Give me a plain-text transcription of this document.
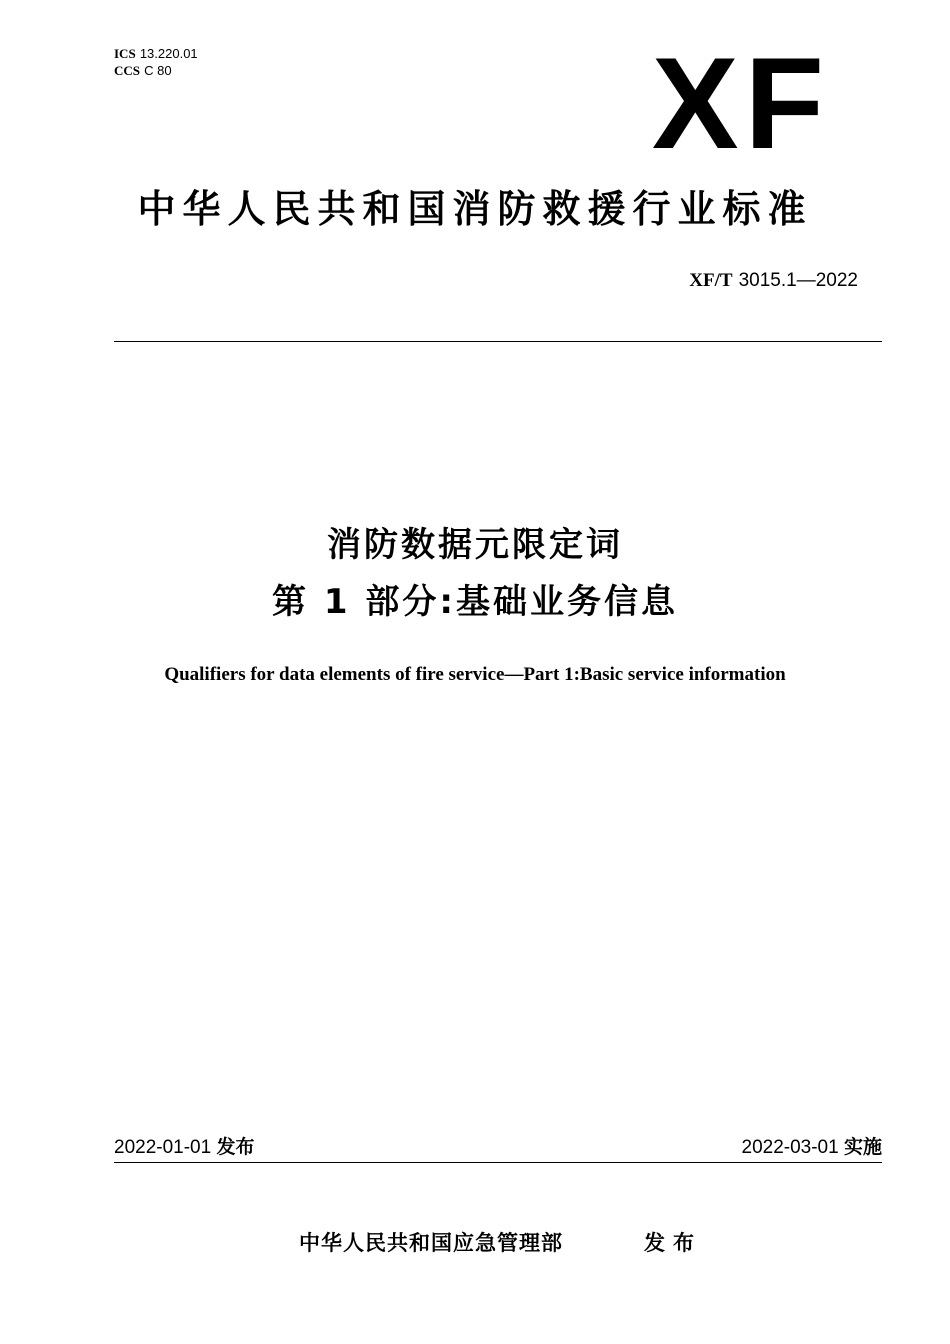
ICS 13.220.01
CCS C 80	XF
中华人民共和国消防救援行业标准
XF/T 3015.1—2022
消防数据元限定词
第 1 部分:基础业务信息
Qualifiers for data elements of fire service—Part 1:Basic service information
2022-01-01 发布	2022-03-01 实施
中华人民共和国应急管理部	发布
